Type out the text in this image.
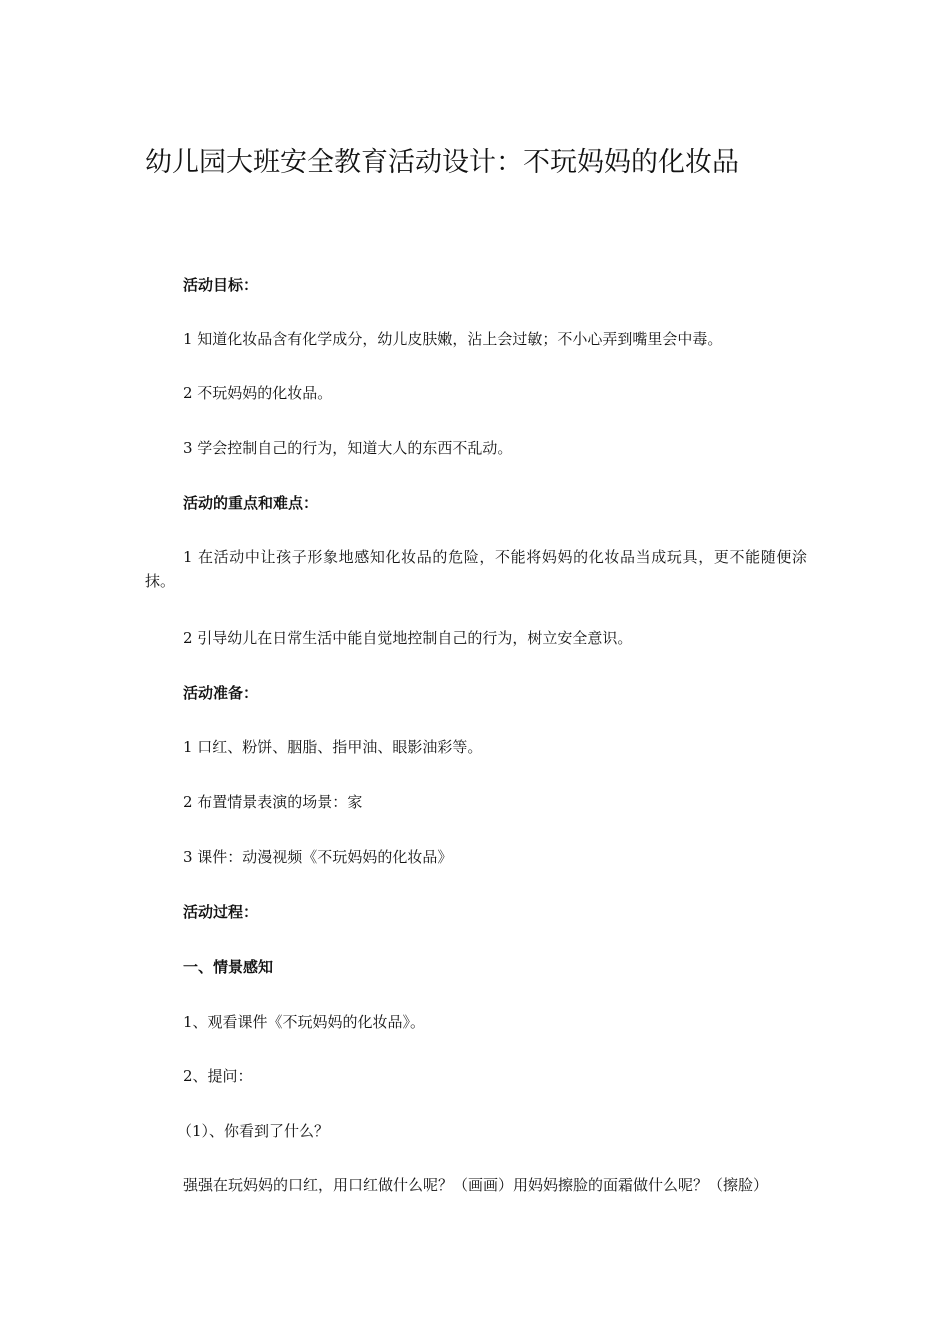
幼儿园大班安全教育活动设计：不玩妈妈的化妆品

活动目标：

1 知道化妆品含有化学成分，幼儿皮肤嫩，沾上会过敏；不小心弄到嘴里会中毒。

2 不玩妈妈的化妆品。

3 学会控制自己的行为，知道大人的东西不乱动。

活动的重点和难点：

1 在活动中让孩子形象地感知化妆品的危险，不能将妈妈的化妆品当成玩具，更不能随便涂抹。

2 引导幼儿在日常生活中能自觉地控制自己的行为，树立安全意识。

活动准备：

1 口红、粉饼、胭脂、指甲油、眼影油彩等。

2 布置情景表演的场景：家

3 课件：动漫视频《不玩妈妈的化妆品》

活动过程：

一、情景感知

1、观看课件《不玩妈妈的化妆品》。

2、提问：

（1）、你看到了什么？

强强在玩妈妈的口红，用口红做什么呢？（画画）用妈妈擦脸的面霜做什么呢？（擦脸）
